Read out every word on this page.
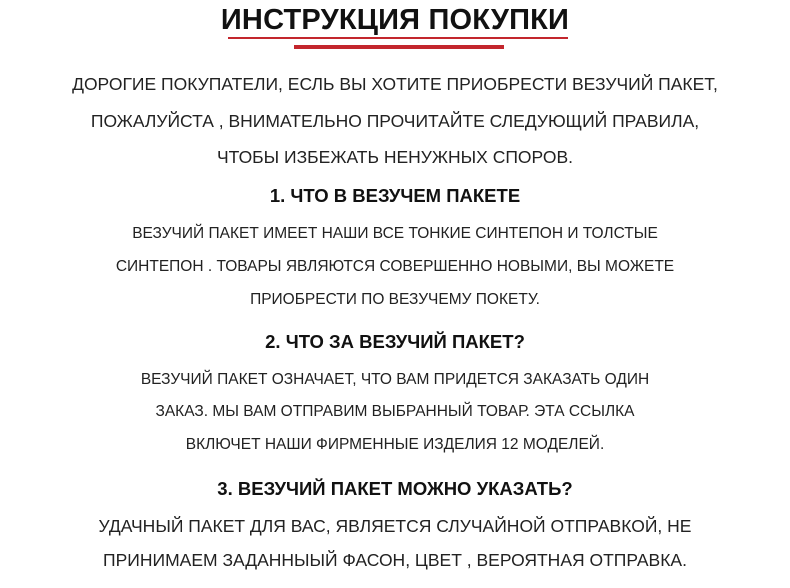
ИНСТРУКЦИЯ ПОКУПКИ
ДОРОГИЕ ПОКУПАТЕЛИ, ЕСЛЬ ВЫ ХОТИТЕ ПРИОБРЕСТИ ВЕЗУЧИЙ ПАКЕТ,
ПОЖАЛУЙСТА , ВНИМАТЕЛЬНО ПРОЧИТАЙТЕ СЛЕДУЮЩИЙ ПРАВИЛА,
ЧТОБЫ ИЗБЕЖАТЬ НЕНУЖНЫХ СПОРОВ.
1. ЧТО В ВЕЗУЧЕМ ПАКЕТЕ
ВЕЗУЧИЙ ПАКЕТ ИМЕЕТ НАШИ ВСЕ ТОНКИЕ СИНТЕПОН И ТОЛСТЫЕ
СИНТЕПОН . ТОВАРЫ ЯВЛЯЮТСЯ СОВЕРШЕННО НОВЫМИ, ВЫ МОЖЕТЕ
ПРИОБРЕСТИ ПО ВЕЗУЧЕМУ ПОКЕТУ.
2. ЧТО ЗА ВЕЗУЧИЙ ПАКЕТ?
ВЕЗУЧИЙ ПАКЕТ ОЗНАЧАЕТ, ЧТО ВАМ ПРИДЕТСЯ ЗАКАЗАТЬ ОДИН
ЗАКАЗ. МЫ ВАМ ОТПРАВИМ ВЫБРАННЫЙ ТОВАР. ЭТА ССЫЛКА
ВКЛЮЧЕТ НАШИ ФИРМЕННЫЕ ИЗДЕЛИЯ 12 МОДЕЛЕЙ.
3. ВЕЗУЧИЙ ПАКЕТ МОЖНО УКАЗАТЬ?
УДАЧНЫЙ ПАКЕТ ДЛЯ ВАС, ЯВЛЯЕТСЯ СЛУЧАЙНОЙ ОТПРАВКОЙ, НЕ
ПРИНИМАЕМ ЗАДАННЫЫЙ ФАСОН, ЦВЕТ , ВЕРОЯТНАЯ ОТПРАВКА.
